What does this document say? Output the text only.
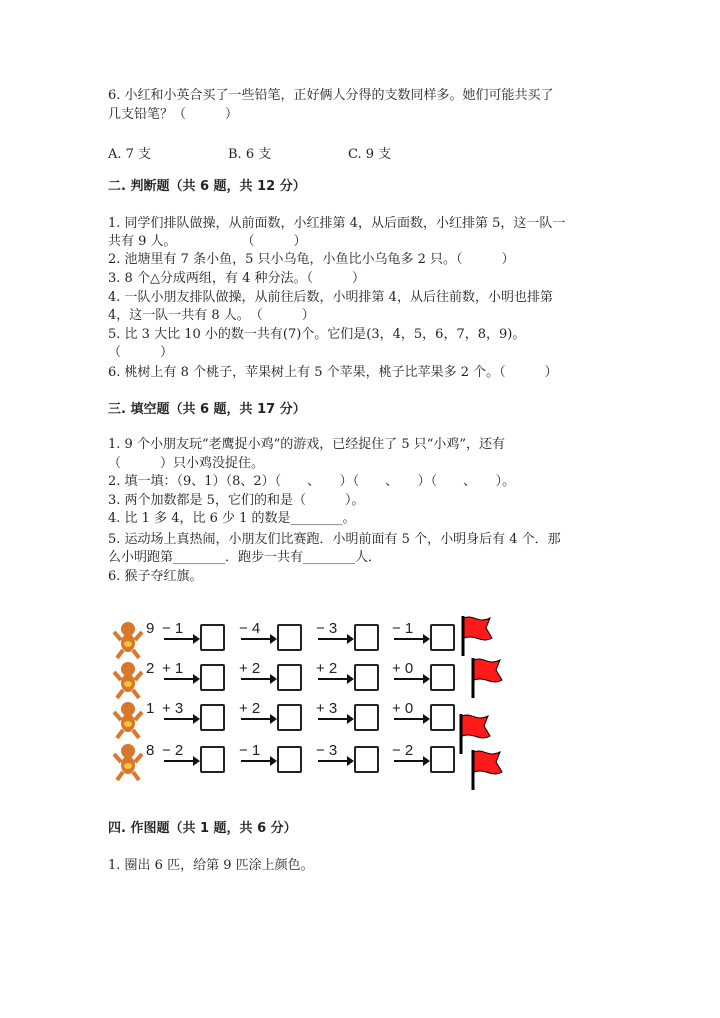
6. 小红和小英合买了一些铅笔，正好俩人分得的支数同样多。她们可能共买了
几支铅笔？（　　　）
A. 7 支	B. 6 支	C. 9 支
二. 判断题（共 6 题，共 12 分）
1. 同学们排队做操，从前面数，小红排第 4，从后面数，小红排第 5，这一队一
共有 9 人。　　　　　　（　　　）
2. 池塘里有 7 条小鱼，5 只小乌龟，小鱼比小乌龟多 2 只。（　　　）
3. 8 个△分成两组，有 4 种分法。（　　　）
4. 一队小朋友排队做操，从前往后数，小明排第 4，从后往前数，小明也排第
4，这一队一共有 8 人。　（　　　）
5. 比 3 大比 10 小的数一共有(7)个。它们是(3，4，5，6，7，8，9)。
（　　　）
6. 桃树上有 8 个桃子，苹果树上有 5 个苹果，桃子比苹果多 2 个。（　　　）
三. 填空题（共 6 题，共 17 分）
1. 9 个小朋友玩“老鹰捉小鸡”的游戏，已经捉住了 5 只“小鸡”，还有
（　　　）只小鸡没捉住。
2. 填一填：（9、1）（8、2）（　　、　　）（　　、　　）（　　、　　）。
3. 两个加数都是 5，它们的和是（　　　）。
4. 比 1 多 4，比 6 少 1 的数是________。
5. 运动场上真热闹，小朋友们比赛跑．小明前面有 5 个，小明身后有 4 个．那
么小明跑第________．跑步一共有________人．
6. 猴子夺红旗。
9 − 1	− 4	− 3	− 1
2 + 1	+ 2	+ 2	+ 0
1 + 3	+ 2	+ 3	+ 0
8 − 2	− 1	− 3	− 2
四. 作图题（共 1 题，共 6 分）
1. 圈出 6 匹，给第 9 匹涂上颜色。
